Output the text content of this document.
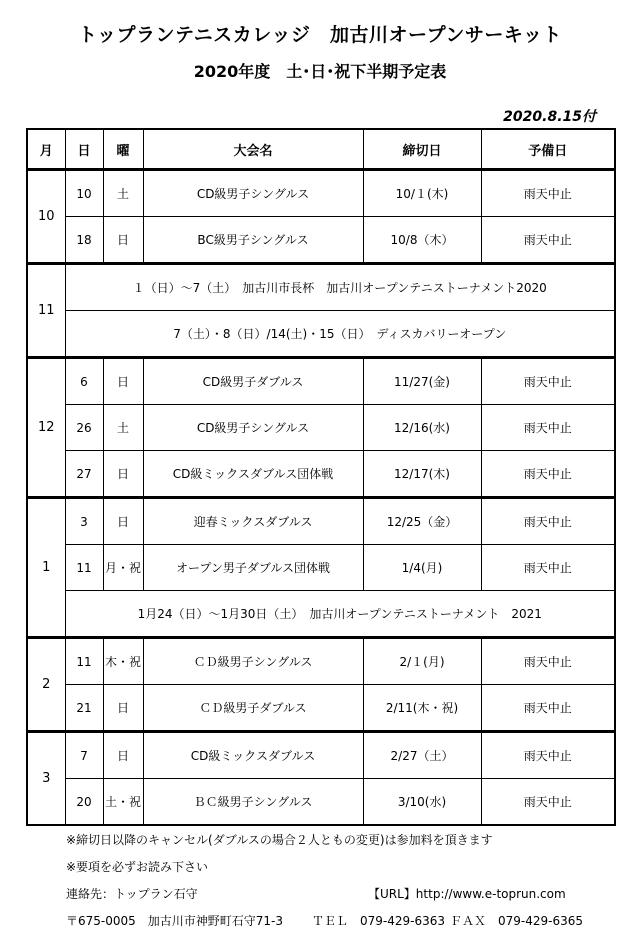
トップランテニスカレッジ　加古川オープンサーキット
2020年度　土･日･祝下半期予定表
2020.8.15付
月	日	曜	大会名	締切日	予備日
10	10	土	CD級男子シングルス	10/１(木)	雨天中止
	18	日	BC級男子シングルス	10/8（木）	雨天中止
11	１（日）～7（土）　加古川市長杯　加古川オープンテニストーナメント2020				
	7（土）・8（日）/14(土)・15（日）　ディスカバリーオープン				
12	6	日	CD級男子ダブルス	11/27(金)	雨天中止
	26	土	CD級男子シングルス	12/16(水)	雨天中止
	27	日	CD級ミックスダブルス団体戦	12/17(木)	雨天中止
1	3	日	迎春ミックスダブルス	12/25（金）	雨天中止
	11	月・祝	オープン男子ダブルス団体戦	1/4(月)	雨天中止
	1月24（日）～1月30日（土）　加古川オープンテニストーナメント　2021				
2	11	木・祝	ＣＤ級男子シングルス	2/１(月)	雨天中止
	21	日	ＣＤ級男子ダブルス	2/11(木・祝)	雨天中止
3	7	日	CD級ミックスダブルス	2/27（土）	雨天中止
	20	土・祝	ＢＣ級男子シングルス	3/10(水)	雨天中止
※締切日以降のキャンセル(ダブルスの場合２人ともの変更)は参加料を頂きます
※要項を必ずお読み下さい
連絡先：トップラン石守	【URL】http://www.e-toprun.com
〒675-0005　加古川市神野町石守71-3 ＴＥＬ　079-429-6363 ＦＡＸ　079-429-6365
